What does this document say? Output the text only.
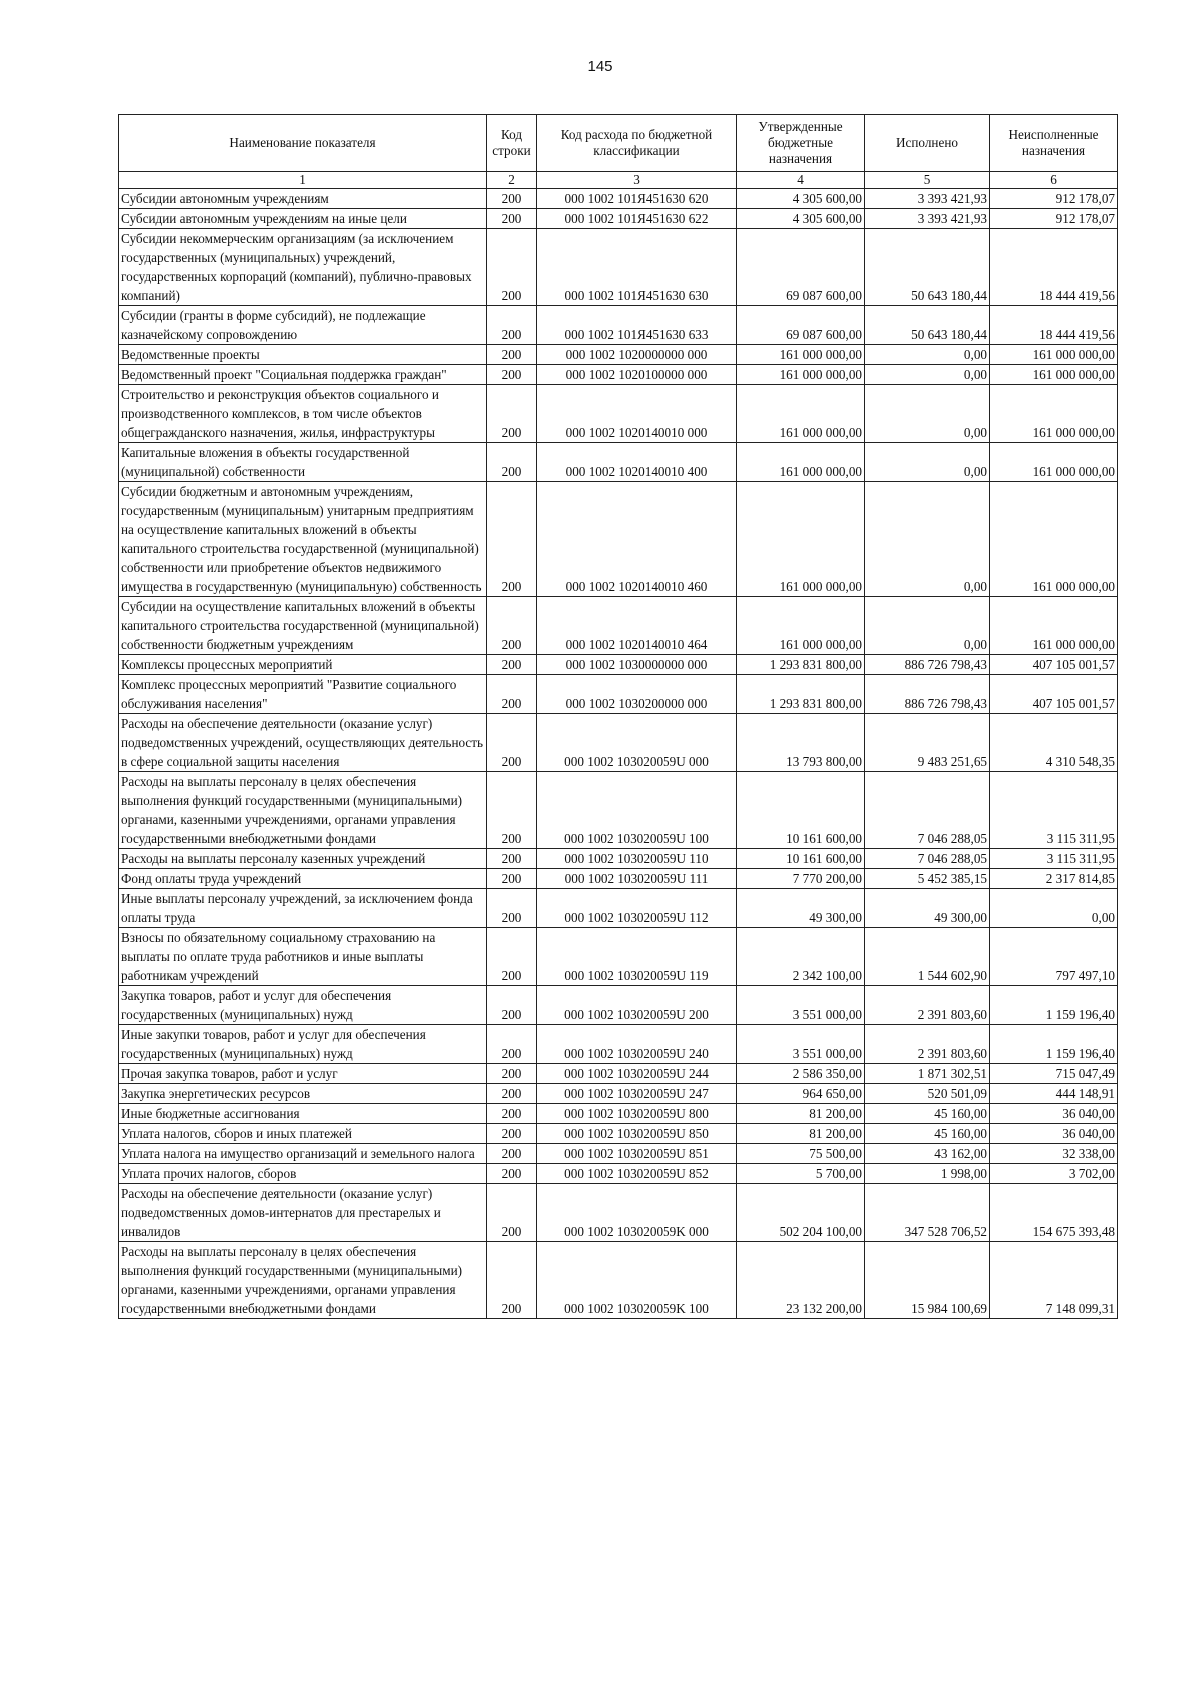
145
Наименование показателя	Код строки	Код расхода по бюджетной классификации	Утвержденные бюджетные назначения	Исполнено	Неисполненные назначения
1	2	3	4	5	6
Субсидии автономным учреждениям	200	000 1002 101Я451630 620	4 305 600,00	3 393 421,93	912 178,07
Субсидии автономным учреждениям на иные цели	200	000 1002 101Я451630 622	4 305 600,00	3 393 421,93	912 178,07
Субсидии некоммерческим организациям (за исключением государственных (муниципальных) учреждений, государственных корпораций (компаний), публично-правовых компаний)	200	000 1002 101Я451630 630	69 087 600,00	50 643 180,44	18 444 419,56
Субсидии (гранты в форме субсидий), не подлежащие казначейскому сопровождению	200	000 1002 101Я451630 633	69 087 600,00	50 643 180,44	18 444 419,56
Ведомственные проекты	200	000 1002 1020000000 000	161 000 000,00	0,00	161 000 000,00
Ведомственный проект "Социальная поддержка граждан"	200	000 1002 1020100000 000	161 000 000,00	0,00	161 000 000,00
Строительство и реконструкция объектов социального и производственного комплексов, в том числе объектов общегражданского назначения, жилья, инфраструктуры	200	000 1002 1020140010 000	161 000 000,00	0,00	161 000 000,00
Капитальные вложения в объекты государственной (муниципальной) собственности	200	000 1002 1020140010 400	161 000 000,00	0,00	161 000 000,00
Субсидии бюджетным и автономным учреждениям, государственным (муниципальным) унитарным предприятиям на осуществление капитальных вложений в объекты капитального строительства государственной (муниципальной) собственности или приобретение объектов недвижимого имущества в государственную (муниципальную) собственность	200	000 1002 1020140010 460	161 000 000,00	0,00	161 000 000,00
Субсидии на осуществление капитальных вложений в объекты капитального строительства государственной (муниципальной) собственности бюджетным учреждениям	200	000 1002 1020140010 464	161 000 000,00	0,00	161 000 000,00
Комплексы процессных мероприятий	200	000 1002 1030000000 000	1 293 831 800,00	886 726 798,43	407 105 001,57
Комплекс процессных мероприятий "Развитие социального обслуживания населения"	200	000 1002 1030200000 000	1 293 831 800,00	886 726 798,43	407 105 001,57
Расходы на обеспечение деятельности (оказание услуг) подведомственных учреждений, осуществляющих деятельность в сфере социальной защиты населения	200	000 1002 103020059U 000	13 793 800,00	9 483 251,65	4 310 548,35
Расходы на выплаты персоналу в целях обеспечения выполнения функций государственными (муниципальными) органами, казенными учреждениями, органами управления государственными внебюджетными фондами	200	000 1002 103020059U 100	10 161 600,00	7 046 288,05	3 115 311,95
Расходы на выплаты персоналу казенных учреждений	200	000 1002 103020059U 110	10 161 600,00	7 046 288,05	3 115 311,95
Фонд оплаты труда учреждений	200	000 1002 103020059U 111	7 770 200,00	5 452 385,15	2 317 814,85
Иные выплаты персоналу учреждений, за исключением фонда оплаты труда	200	000 1002 103020059U 112	49 300,00	49 300,00	0,00
Взносы по обязательному социальному страхованию на выплаты по оплате труда работников и иные выплаты работникам учреждений	200	000 1002 103020059U 119	2 342 100,00	1 544 602,90	797 497,10
Закупка товаров, работ и услуг для обеспечения государственных (муниципальных) нужд	200	000 1002 103020059U 200	3 551 000,00	2 391 803,60	1 159 196,40
Иные закупки товаров, работ и услуг для обеспечения государственных (муниципальных) нужд	200	000 1002 103020059U 240	3 551 000,00	2 391 803,60	1 159 196,40
Прочая закупка товаров, работ и услуг	200	000 1002 103020059U 244	2 586 350,00	1 871 302,51	715 047,49
Закупка энергетических ресурсов	200	000 1002 103020059U 247	964 650,00	520 501,09	444 148,91
Иные бюджетные ассигнования	200	000 1002 103020059U 800	81 200,00	45 160,00	36 040,00
Уплата налогов, сборов и иных платежей	200	000 1002 103020059U 850	81 200,00	45 160,00	36 040,00
Уплата налога на имущество организаций и земельного налога	200	000 1002 103020059U 851	75 500,00	43 162,00	32 338,00
Уплата прочих налогов, сборов	200	000 1002 103020059U 852	5 700,00	1 998,00	3 702,00
Расходы на обеспечение деятельности (оказание услуг) подведомственных домов-интернатов для престарелых и инвалидов	200	000 1002 103020059K 000	502 204 100,00	347 528 706,52	154 675 393,48
Расходы на выплаты персоналу в целях обеспечения выполнения функций государственными (муниципальными) органами, казенными учреждениями, органами управления государственными внебюджетными фондами	200	000 1002 103020059K 100	23 132 200,00	15 984 100,69	7 148 099,31
